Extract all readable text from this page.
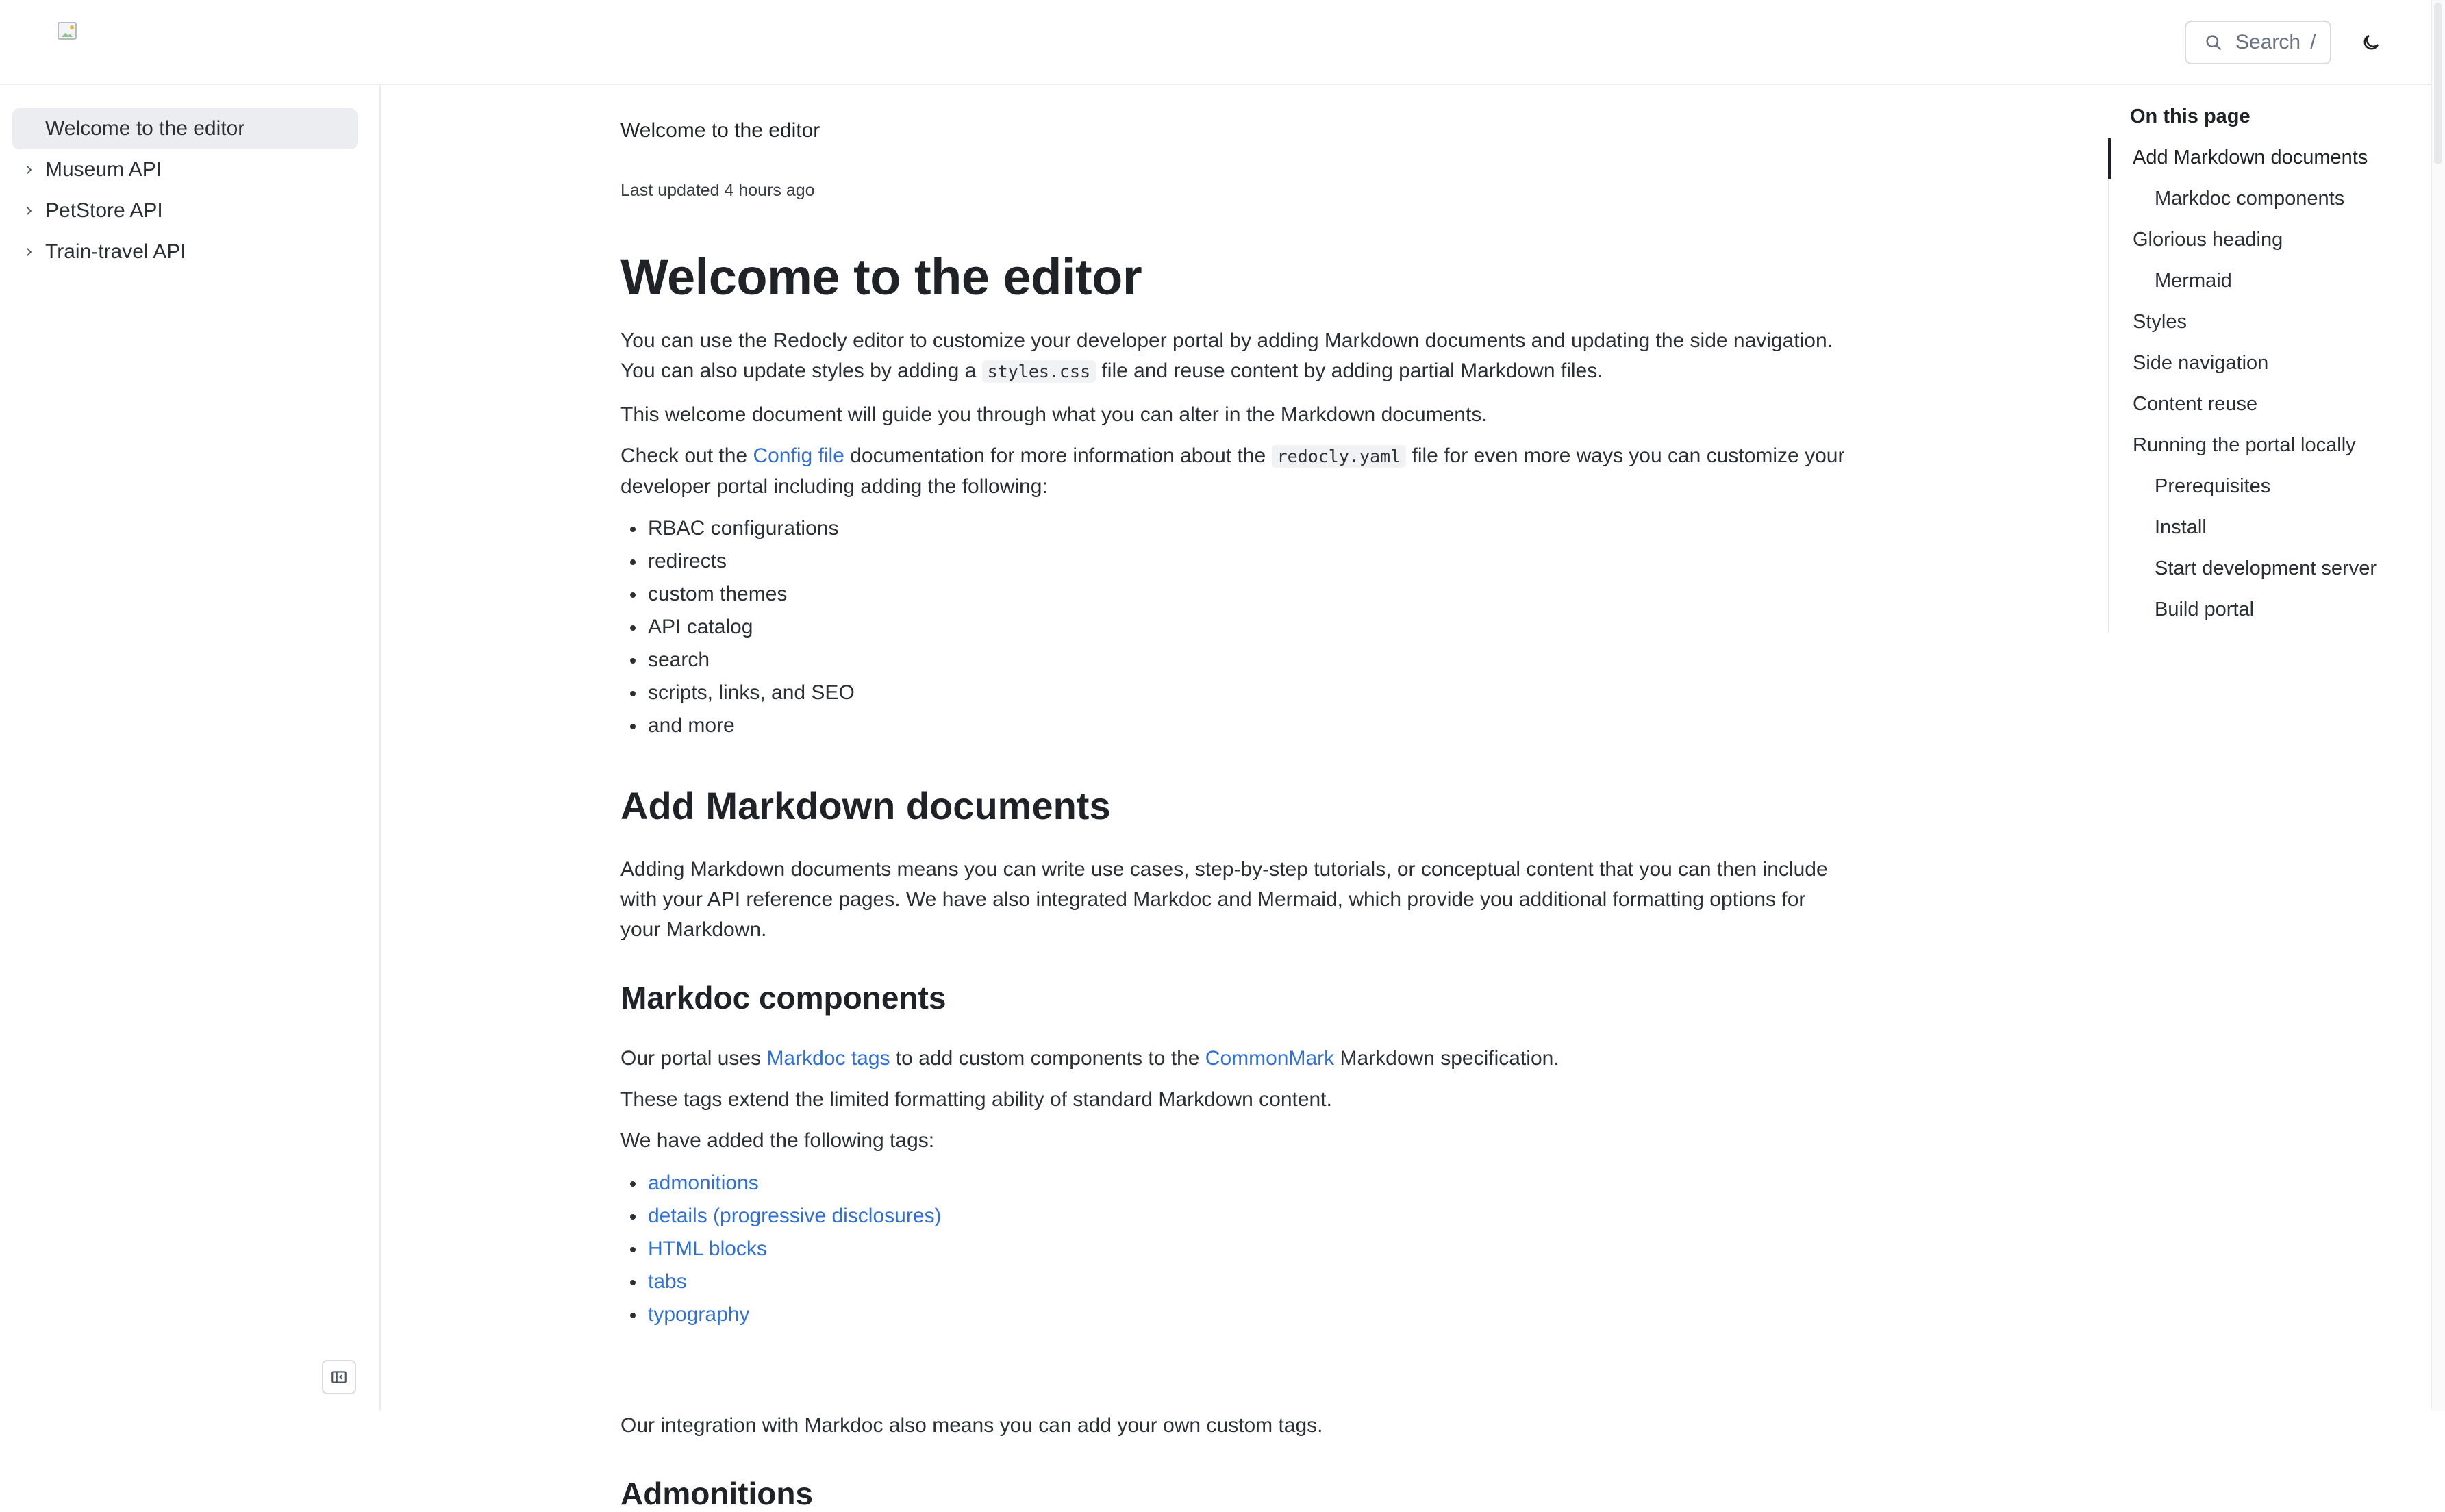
Search /
Welcome to the editor
Museum API
PetStore API
Train-travel API
Welcome to the editor
Last updated 4 hours ago
Welcome to the editor

You can use the Redocly editor to customize your developer portal by adding Markdown documents and updating the side navigation. You can also update styles by adding a styles.css file and reuse content by adding partial Markdown files.

This welcome document will guide you through what you can alter in the Markdown documents.

Check out the Config file documentation for more information about the redocly.yaml file for even more ways you can customize your developer portal including adding the following:

RBAC configurations
redirects
custom themes
API catalog
search
scripts, links, and SEO
and more
Add Markdown documents

Adding Markdown documents means you can write use cases, step-by-step tutorials, or conceptual content that you can then include with your API reference pages. We have also integrated Markdoc and Mermaid, which provide you additional formatting options for your Markdown.

Markdoc components

Our portal uses Markdoc tags to add custom components to the CommonMark Markdown specification.

These tags extend the limited formatting ability of standard Markdown content.

We have added the following tags:

admonitions
details (progressive disclosures)
HTML blocks
tabs
typography

Our integration with Markdoc also means you can add your own custom tags.

Admonitions
On this page
Add Markdown documents
Markdoc components
Glorious heading
Mermaid
Styles
Side navigation
Content reuse
Running the portal locally
Prerequisites
Install
Start development server
Build portal
